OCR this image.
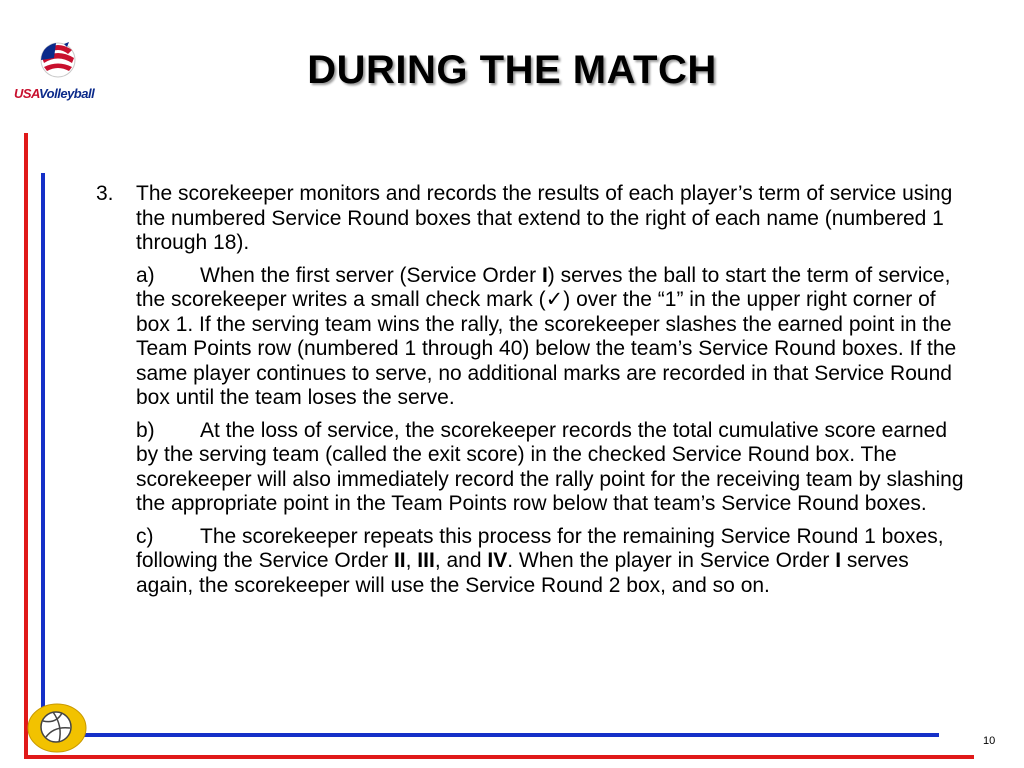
USAVolleyball
DURING THE MATCH
10
3. The scorekeeper monitors and records the results of each player’s term of service using the numbered Service Round boxes that extend to the right of each name (numbered 1 through 18).
a) When the first server (Service Order I) serves the ball to start the term of service, the scorekeeper writes a small check mark (✓) over the “1” in the upper right corner of box 1. If the serving team wins the rally, the scorekeeper slashes the earned point in the Team Points row (numbered 1 through 40) below the team’s Service Round boxes. If the same player continues to serve, no additional marks are recorded in that Service Round box until the team loses the serve.
b) At the loss of service, the scorekeeper records the total cumulative score earned by the serving team (called the exit score) in the checked Service Round box. The scorekeeper will also immediately record the rally point for the receiving team by slashing the appropriate point in the Team Points row below that team’s Service Round boxes.
c) The scorekeeper repeats this process for the remaining Service Round 1 boxes, following the Service Order II, III, and IV. When the player in Service Order I serves again, the scorekeeper will use the Service Round 2 box, and so on.
